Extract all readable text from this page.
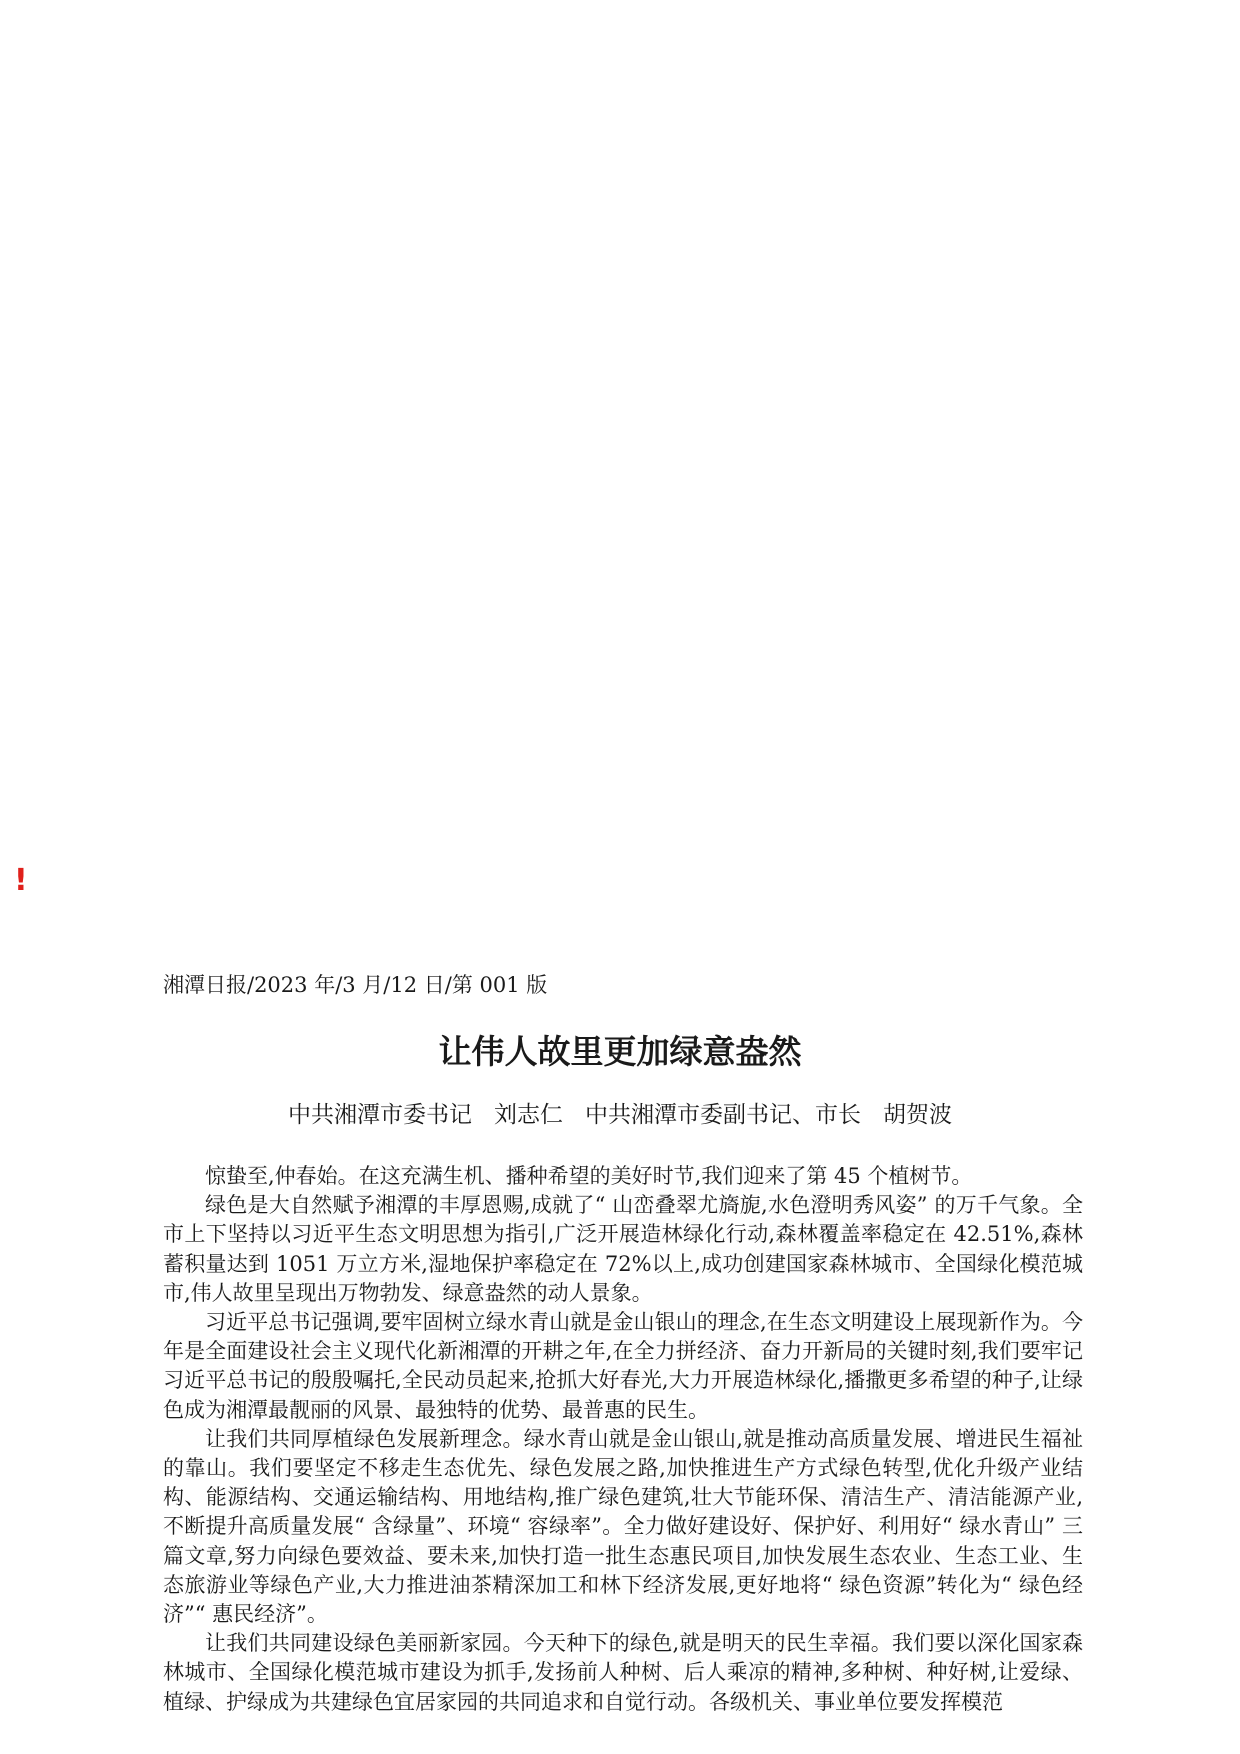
!
湘潭日报/2023 年/3 月/12 日/第 001 版
让伟人故里更加绿意盎然
中共湘潭市委书记 刘志仁 中共湘潭市委副书记、市长 胡贺波

惊蛰至,仲春始。在这充满生机、播种希望的美好时节,我们迎来了第 45 个植树节。

绿色是大自然赋予湘潭的丰厚恩赐,成就了“ 山峦叠翠尤旖旎,水色澄明秀风姿” 的万千气象。全市上下坚持以习近平生态文明思想为指引,广泛开展造林绿化行动,森林覆盖率稳定在 42.51%,森林蓄积量达到 1051 万立方米,湿地保护率稳定在 72%以上,成功创建国家森林城市、全国绿化模范城市,伟人故里呈现出万物勃发、绿意盎然的动人景象。

习近平总书记强调,要牢固树立绿水青山就是金山银山的理念,在生态文明建设上展现新作为。今年是全面建设社会主义现代化新湘潭的开耕之年,在全力拼经济、奋力开新局的关键时刻,我们要牢记习近平总书记的殷殷嘱托,全民动员起来,抢抓大好春光,大力开展造林绿化,播撒更多希望的种子,让绿色成为湘潭最靓丽的风景、最独特的优势、最普惠的民生。

让我们共同厚植绿色发展新理念。绿水青山就是金山银山,就是推动高质量发展、增进民生福祉的靠山。我们要坚定不移走生态优先、绿色发展之路,加快推进生产方式绿色转型,优化升级产业结构、能源结构、交通运输结构、用地结构,推广绿色建筑,壮大节能环保、清洁生产、清洁能源产业,不断提升高质量发展“ 含绿量”、环境“ 容绿率”。全力做好建设好、保护好、利用好“ 绿水青山” 三篇文章,努力向绿色要效益、要未来,加快打造一批生态惠民项目,加快发展生态农业、生态工业、生态旅游业等绿色产业,大力推进油茶精深加工和林下经济发展,更好地将“ 绿色资源”转化为“ 绿色经济”“ 惠民经济”。

让我们共同建设绿色美丽新家园。今天种下的绿色,就是明天的民生幸福。我们要以深化国家森林城市、全国绿化模范城市建设为抓手,发扬前人种树、后人乘凉的精神,多种树、种好树,让爱绿、植绿、护绿成为共建绿色宜居家园的共同追求和自觉行动。各级机关、事业单位要发挥模范
